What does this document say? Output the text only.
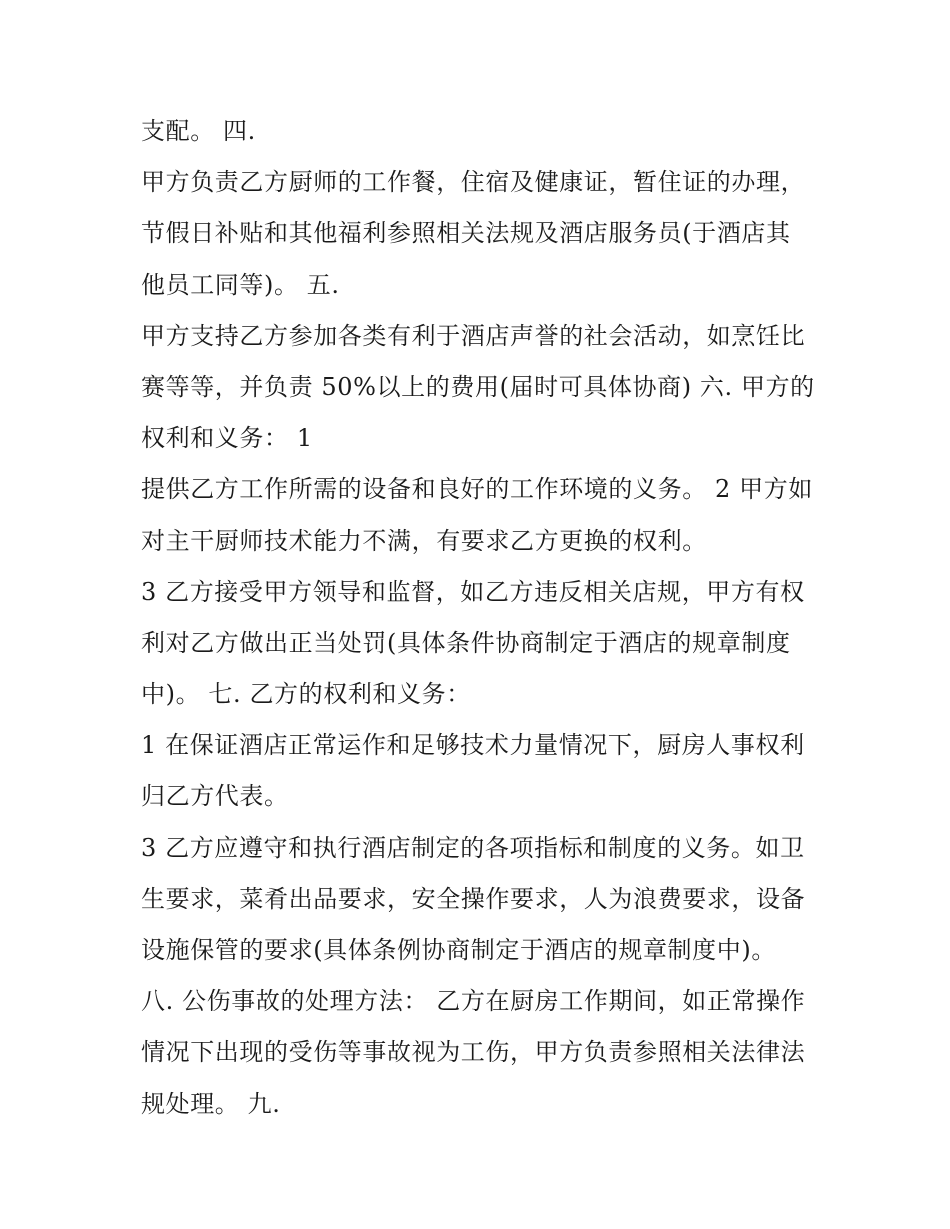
支配。 四.
甲方负责乙方厨师的工作餐，住宿及健康证，暂住证的办理，
节假日补贴和其他福利参照相关法规及酒店服务员(于酒店其
他员工同等)。 五.
甲方支持乙方参加各类有利于酒店声誉的社会活动，如烹饪比
赛等等，并负责 50%以上的费用(届时可具体协商) 六. 甲方的
权利和义务： 1
提供乙方工作所需的设备和良好的工作环境的义务。 2 甲方如
对主干厨师技术能力不满，有要求乙方更换的权利。
3 乙方接受甲方领导和监督，如乙方违反相关店规，甲方有权
利对乙方做出正当处罚(具体条件协商制定于酒店的规章制度
中)。 七. 乙方的权利和义务：
1 在保证酒店正常运作和足够技术力量情况下，厨房人事权利
归乙方代表。
3 乙方应遵守和执行酒店制定的各项指标和制度的义务。如卫
生要求，菜肴出品要求，安全操作要求，人为浪费要求，设备
设施保管的要求(具体条例协商制定于酒店的规章制度中)。
八. 公伤事故的处理方法： 乙方在厨房工作期间，如正常操作
情况下出现的受伤等事故视为工伤，甲方负责参照相关法律法
规处理。 九.
